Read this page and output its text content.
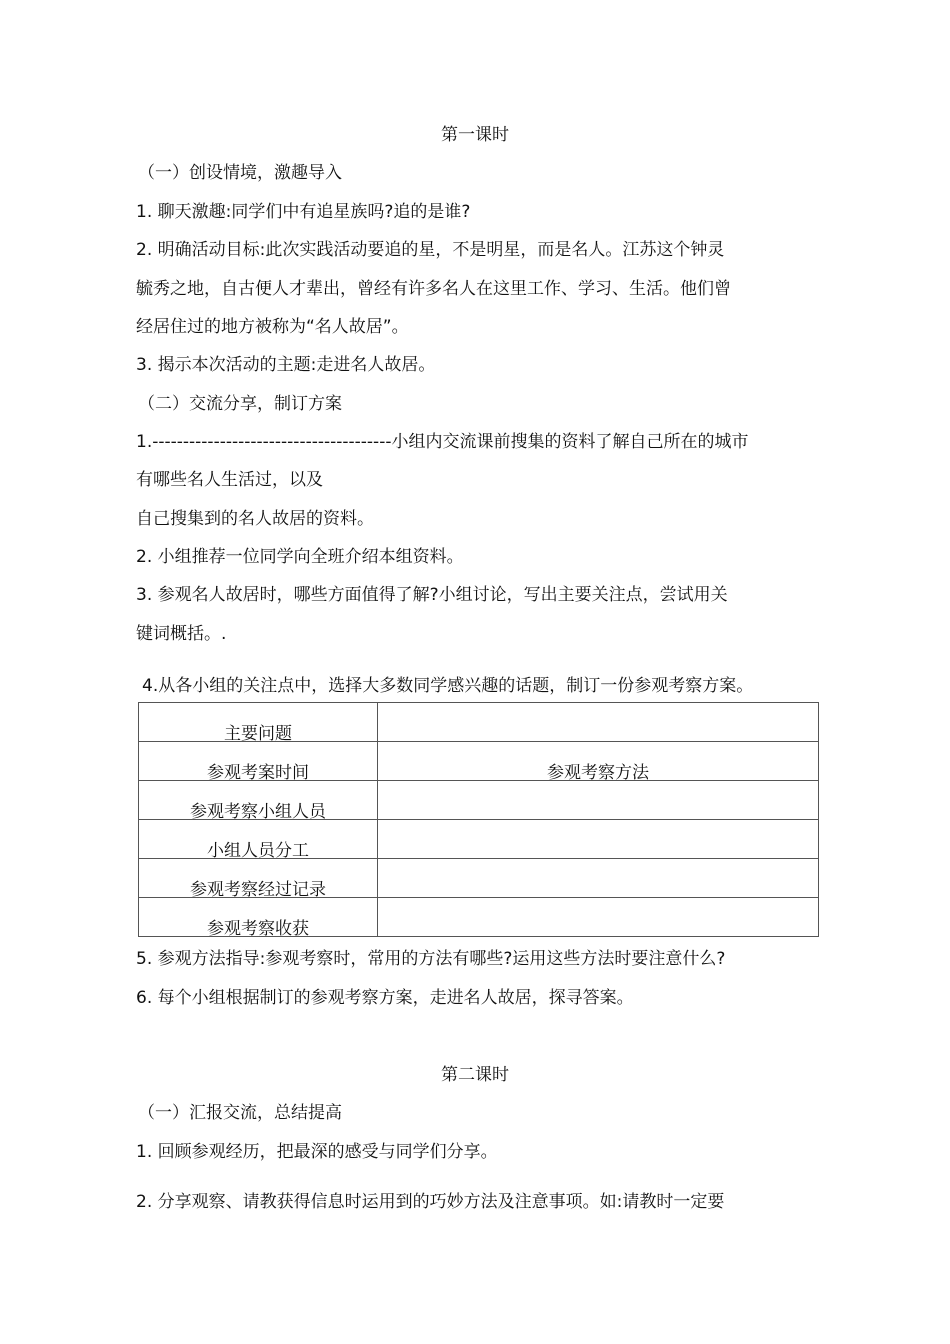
第一课时
（一）创设情境，激趣导入
1. 聊天激趣:同学们中有追星族吗?追的是谁?
2. 明确活动目标:此次实践活动要追的星，不是明星，而是名人。江苏这个钟灵
毓秀之地，自古便人才辈出，曾经有许多名人在这里工作、学习、生活。他们曾
经居住过的地方被称为“名人故居”。
3. 揭示本次活动的主题:走进名人故居。
（二）交流分享，制订方案
1.---------------------------------------小组内交流课前搜集的资料了解自己所在的城市
有哪些名人生活过，以及
自己搜集到的名人故居的资料。
2. 小组推荐一位同学向全班介绍本组资料。
3. 参观名人故居时，哪些方面值得了解?小组讨论，写出主要关注点，尝试用关
键词概括。.
4.从各小组的关注点中，选择大多数同学感兴趣的话题，制订一份参观考察方案。
主要问题	

参观考案时间	参观考察方法

参观考察小组人员	

小组人员分工	

参观考察经过记录	

参观考察收获	

5. 参观方法指导:参观考察时，常用的方法有哪些?运用这些方法时要注意什么?
6. 每个小组根据制订的参观考察方案，走进名人故居，探寻答案。
第二课时
（一）汇报交流，总结提高
1. 回顾参观经历，把最深的感受与同学们分享。
2. 分享观察、请教获得信息时运用到的巧妙方法及注意事项。如:请教时一定要
